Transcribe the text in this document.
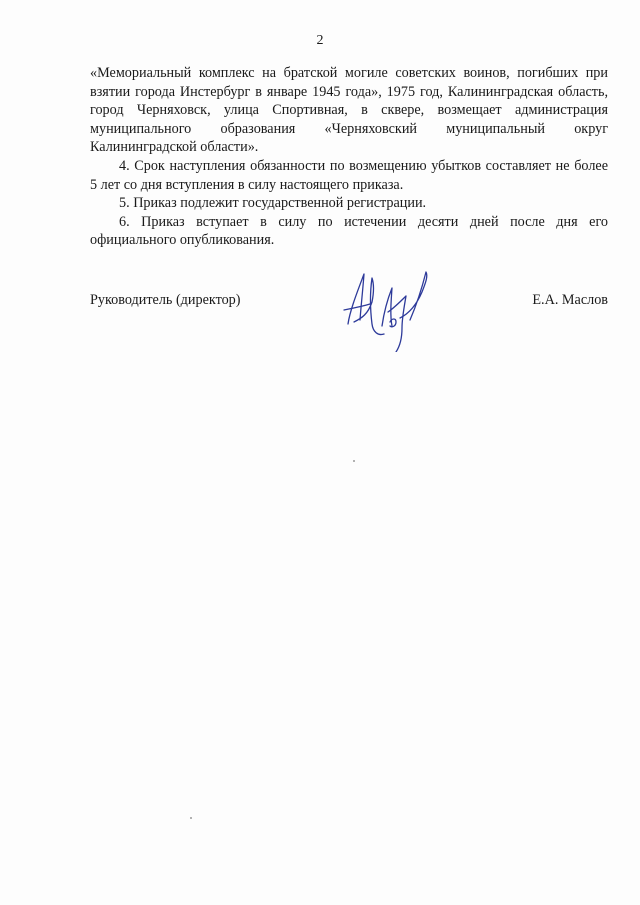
2

«Мемориальный комплекс на братской могиле советских воинов, погибших при взятии города Инстербург в январе 1945 года», 1975 год, Калининградская область, город Черняховск, улица Спортивная, в сквере, возмещает администрация муниципального образования «Черняховский муниципальный округ Калининградской области».

4. Срок наступления обязанности по возмещению убытков составляет не более 5 лет со дня вступления в силу настоящего приказа.

5. Приказ подлежит государственной регистрации.

6. Приказ вступает в силу по истечении десяти дней после дня его официального опубликования.

Руководитель (директор)	Е.А. Маслов
